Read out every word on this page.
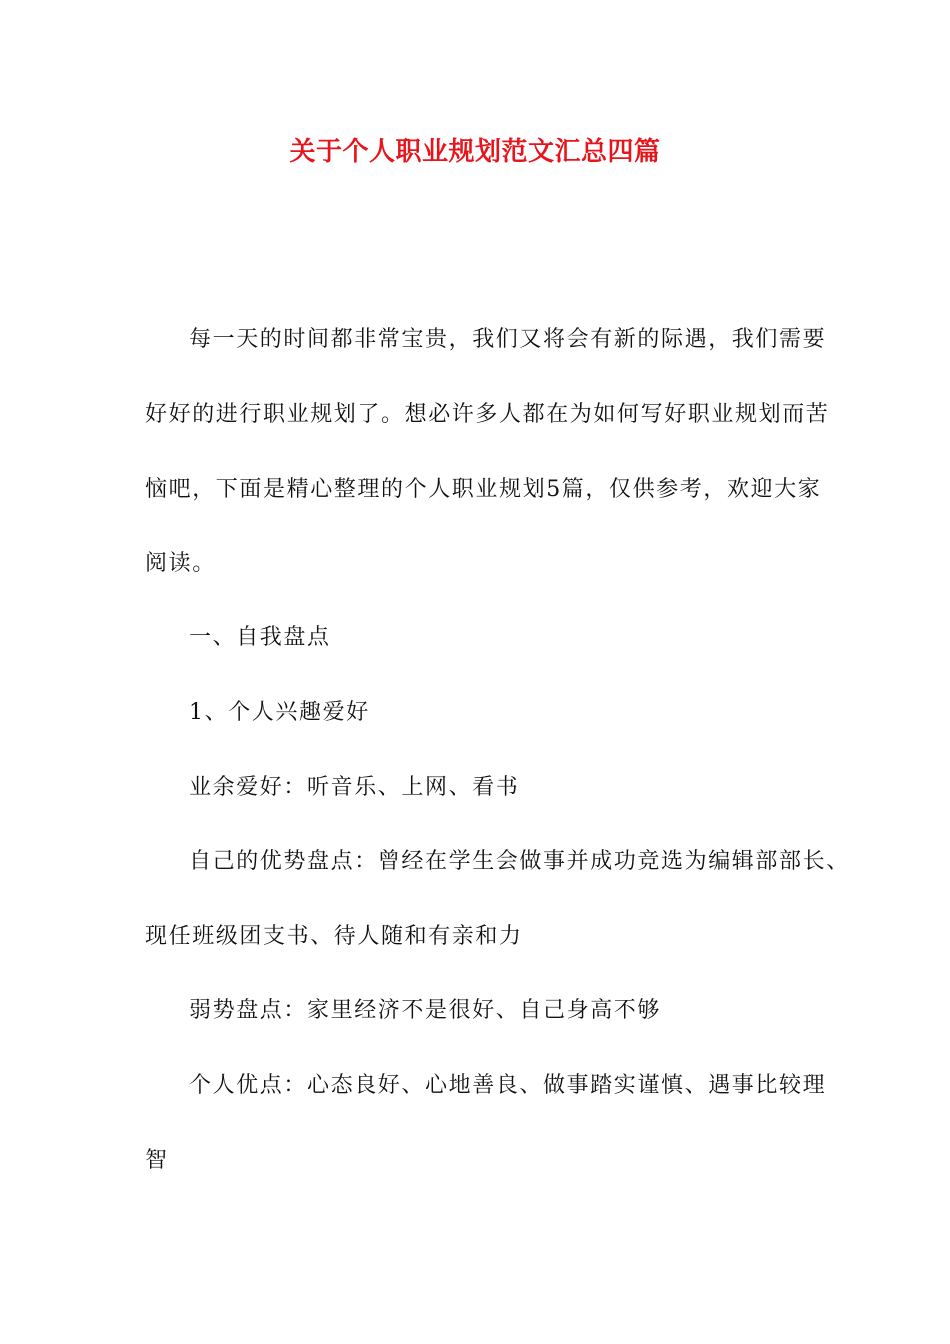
关于个人职业规划范文汇总四篇
每一天的时间都非常宝贵，我们又将会有新的际遇，我们需要
好好的进行职业规划了。想必许多人都在为如何写好职业规划而苦
恼吧，下面是精心整理的个人职业规划5篇，仅供参考，欢迎大家
阅读。
一、自我盘点
1、个人兴趣爱好
业余爱好：听音乐、上网、看书
自己的优势盘点：曾经在学生会做事并成功竞选为编辑部部长、
现任班级团支书、待人随和有亲和力
弱势盘点：家里经济不是很好、自己身高不够
个人优点：心态良好、心地善良、做事踏实谨慎、遇事比较理
智
